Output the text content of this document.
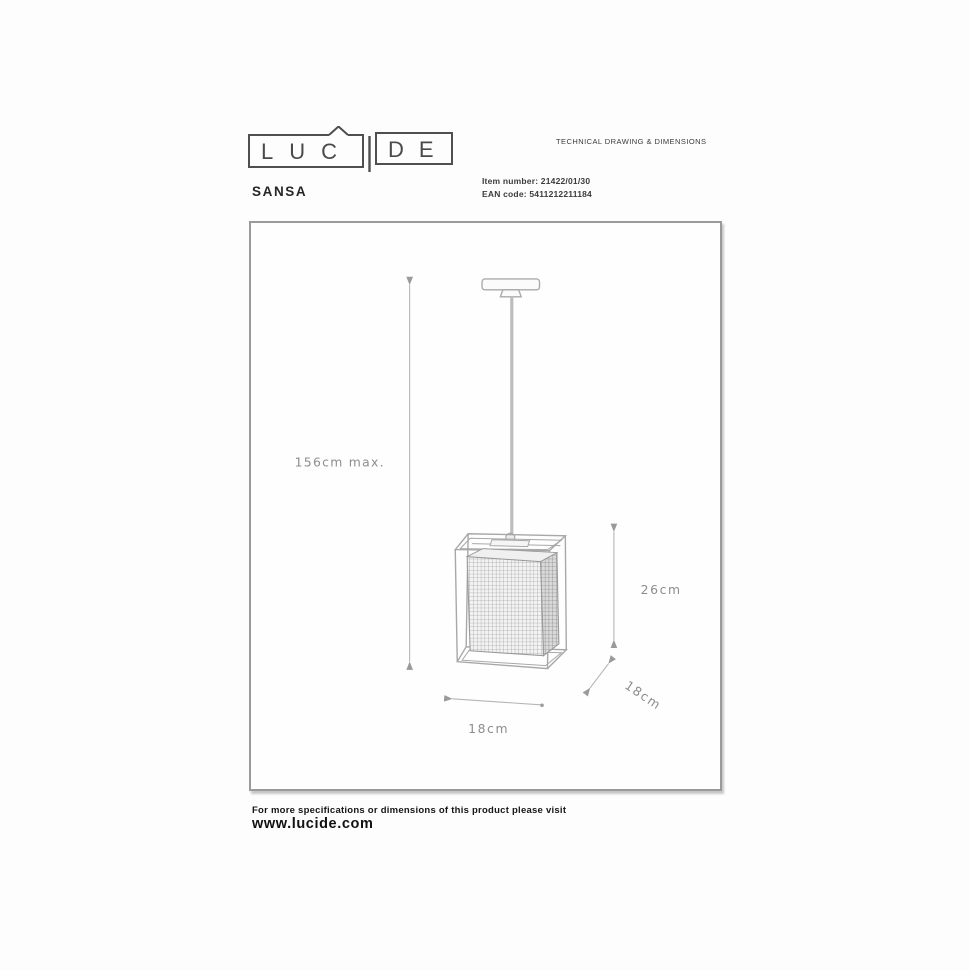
LUC DE	TECHNICAL DRAWING & DIMENSIONS
SANSA
Item number: 21422/01/30
EAN code: 5411212211184
156cm max.
26cm
18cm
18cm
For more specifications or dimensions of this product please visit
www.lucide.com
